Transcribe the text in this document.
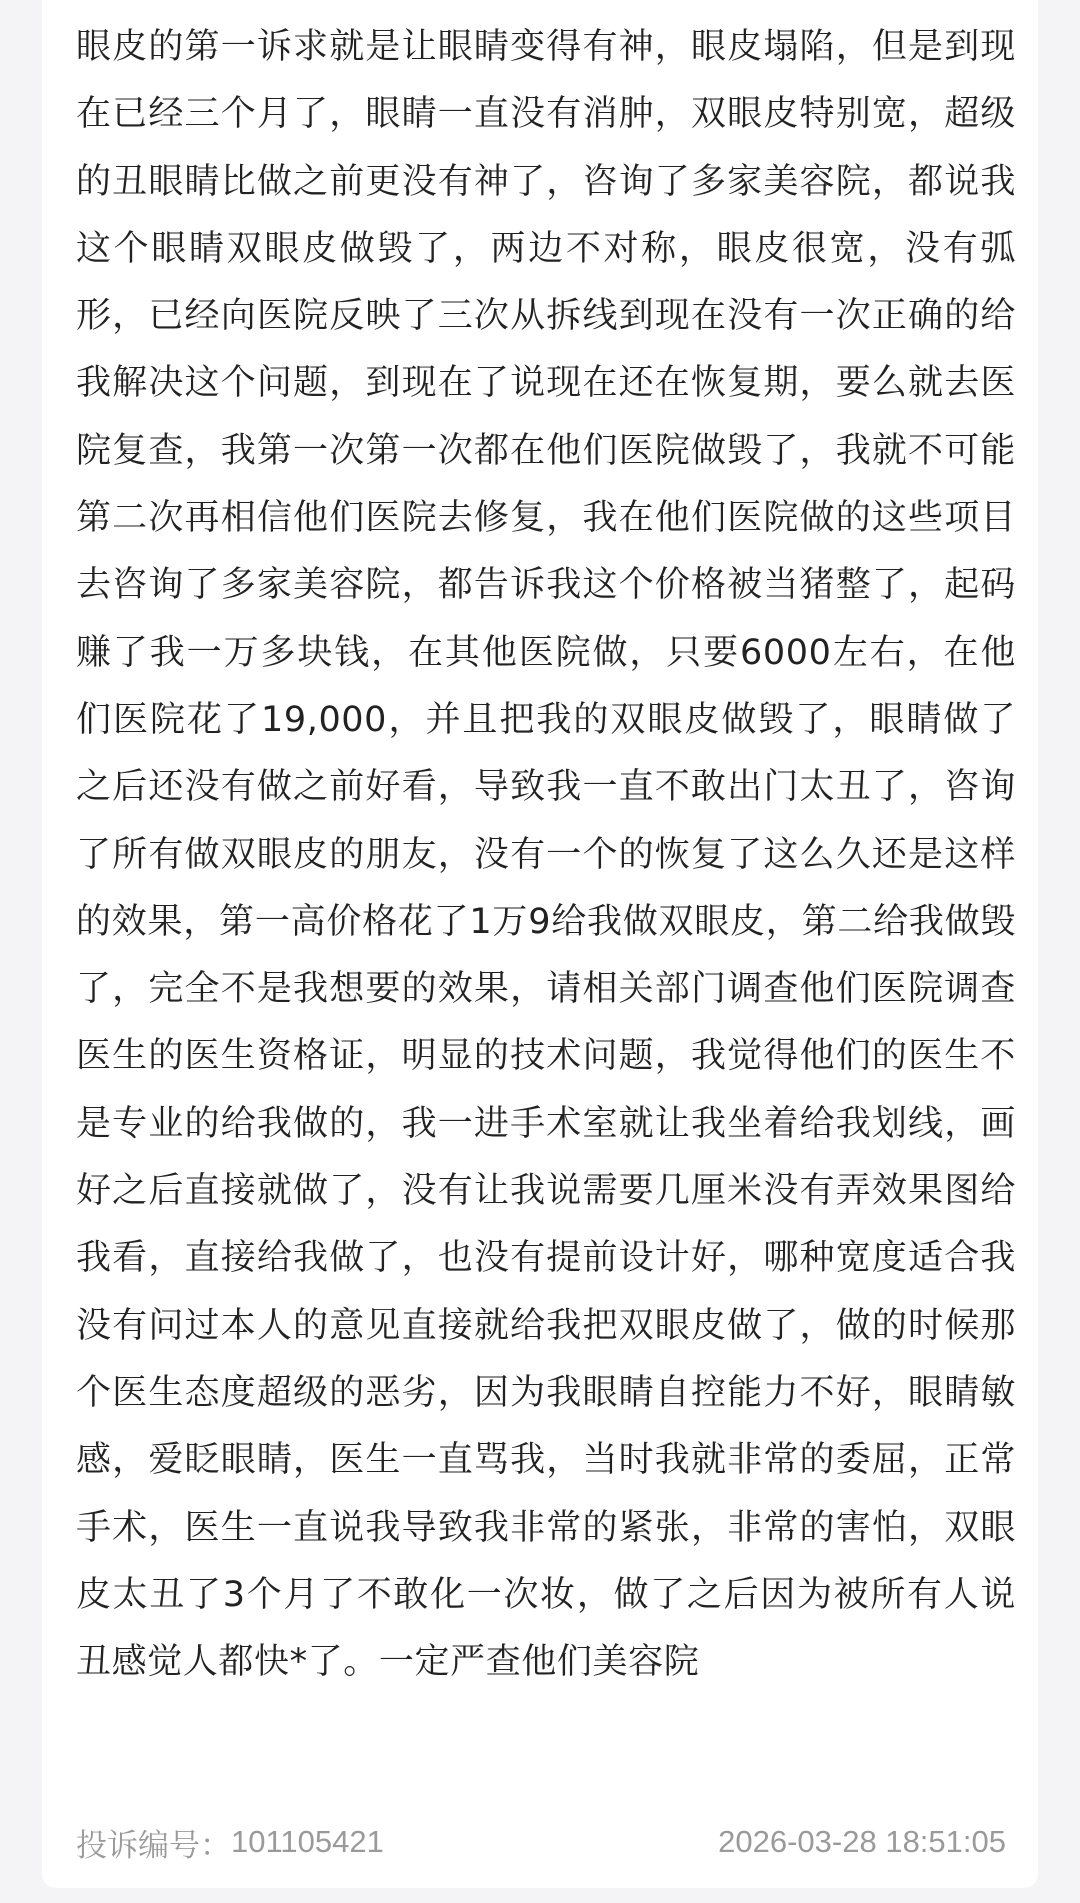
眼皮的第一诉求就是让眼睛变得有神，眼皮塌陷，但是到现在已经三个月了，眼睛一直没有消肿，双眼皮特别宽，超级的丑眼睛比做之前更没有神了，咨询了多家美容院，都说我这个眼睛双眼皮做毁了，两边不对称，眼皮很宽，没有弧形，已经向医院反映了三次从拆线到现在没有一次正确的给我解决这个问题，到现在了说现在还在恢复期，要么就去医院复查，我第一次第一次都在他们医院做毁了，我就不可能第二次再相信他们医院去修复，我在他们医院做的这些项目去咨询了多家美容院，都告诉我这个价格被当猪整了，起码赚了我一万多块钱，在其他医院做，只要6000左右，在他们医院花了19,000，并且把我的双眼皮做毁了，眼睛做了之后还没有做之前好看，导致我一直不敢出门太丑了，咨询了所有做双眼皮的朋友，没有一个的恢复了这么久还是这样的效果，第一高价格花了1万9给我做双眼皮，第二给我做毁了，完全不是我想要的效果，请相关部门调查他们医院调查医生的医生资格证，明显的技术问题，我觉得他们的医生不是专业的给我做的，我一进手术室就让我坐着给我划线，画好之后直接就做了，没有让我说需要几厘米没有弄效果图给我看，直接给我做了，也没有提前设计好，哪种宽度适合我没有问过本人的意见直接就给我把双眼皮做了，做的时候那个医生态度超级的恶劣，因为我眼睛自控能力不好，眼睛敏感，爱眨眼睛，医生一直骂我，当时我就非常的委屈，正常手术，医生一直说我导致我非常的紧张，非常的害怕，双眼皮太丑了3个月了不敢化一次妆，做了之后因为被所有人说丑感觉人都快*了。一定严查他们美容院

投诉编号： 101105421	2026-03-28 18:51:05
